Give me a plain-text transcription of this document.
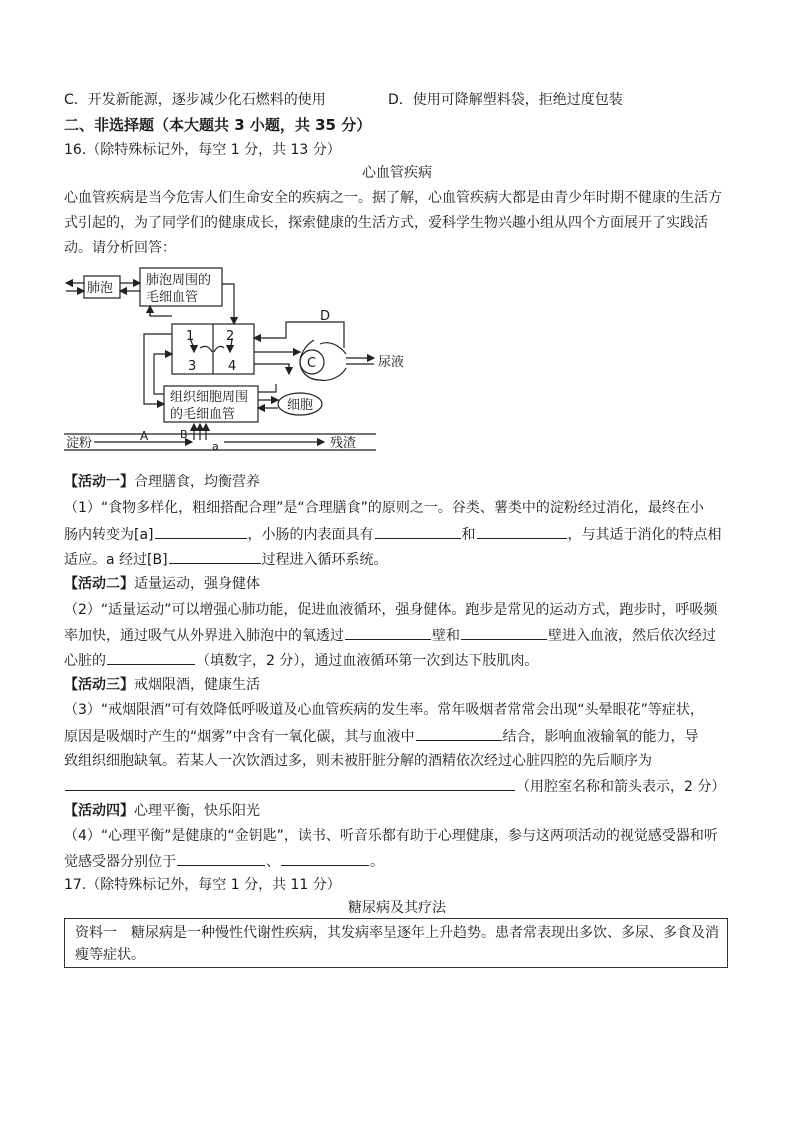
C．开发新能源，逐步减少化石燃料的使用	D．使用可降解塑料袋，拒绝过度包装
二、非选择题（本大题共 3 小题，共 35 分）
16.（除特殊标记外，每空 1 分，共 13 分）
心血管疾病
心血管疾病是当今危害人们生命安全的疾病之一。据了解，心血管疾病大都是由青少年时期不健康的生活方
式引起的，为了同学们的健康成长，探索健康的生活方式，爱科学生物兴趣小组从四个方面展开了实践活
动。请分析回答：
肺泡
肺泡周围的
毛细血管
1 2
3 4	C
D
尿液
组织细胞周围
的毛细血管
细胞
B
a
A
淀粉	残渣
【活动一】合理膳食，均衡营养
（1）“食物多样化，粗细搭配合理”是“合理膳食”的原则之一。谷类、薯类中的淀粉经过消化，最终在小
肠内转变为[a]	，小肠的内表面具有	和	，与其适于消化的特点相
适应。a 经过[B]	过程进入循环系统。
【活动二】适量运动，强身健体
（2）“适量运动”可以增强心肺功能，促进血液循环，强身健体。跑步是常见的运动方式，跑步时，呼吸频
率加快，通过吸气从外界进入肺泡中的氧透过	壁和	壁进入血液，然后依次经过
心脏的	（填数字，2 分），通过血液循环第一次到达下肢肌肉。
【活动三】戒烟限酒，健康生活
（3）“戒烟限酒”可有效降低呼吸道及心血管疾病的发生率。常年吸烟者常常会出现“头晕眼花”等症状，
原因是吸烟时产生的“烟雾”中含有一氧化碳，其与血液中	结合，影响血液输氧的能力，导
致组织细胞缺氧。若某人一次饮酒过多，则未被肝脏分解的酒精依次经过心脏四腔的先后顺序为
（用腔室名称和箭头表示，2 分）
【活动四】心理平衡，快乐阳光
（4）“心理平衡”是健康的“金钥匙”，读书、听音乐都有助于心理健康，参与这两项活动的视觉感受器和听
觉感受器分别位于	、	。
17.（除特殊标记外，每空 1 分，共 11 分）
糖尿病及其疗法
资料一　糖尿病是一种慢性代谢性疾病，其发病率呈逐年上升趋势。患者常表现出多饮、多尿、多食及消
瘦等症状。
